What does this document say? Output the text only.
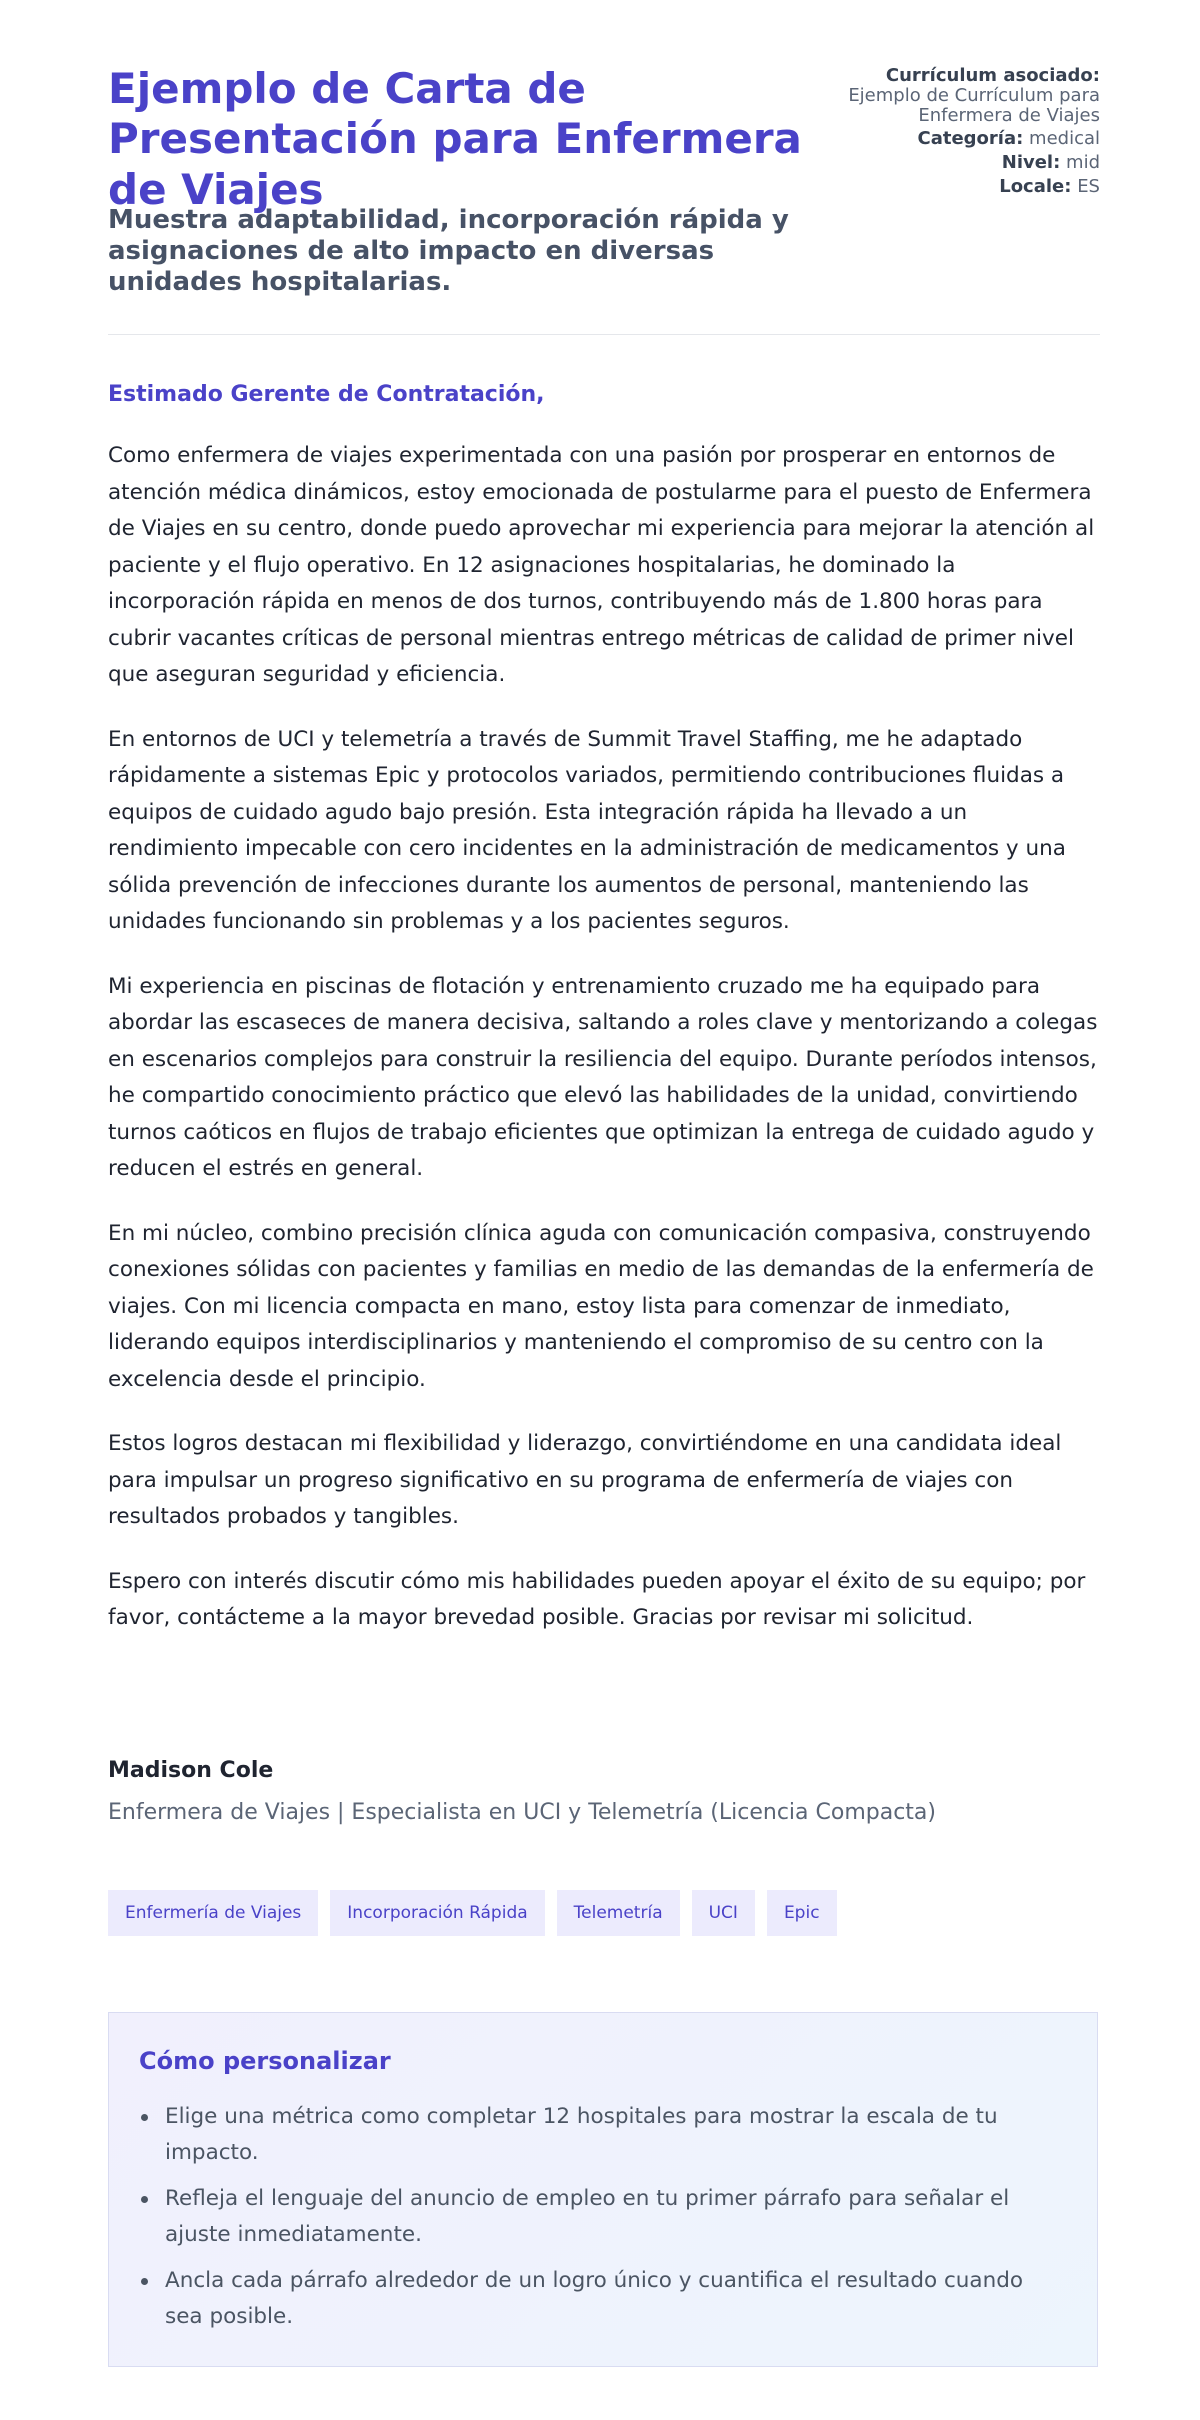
Ejemplo de Carta de Presentación para Enfermera de Viajes
Muestra adaptabilidad, incorporación rápida y asignaciones de alto impacto en diversas unidades hospitalarias.
Currículum asociado:
Ejemplo de Currículum para Enfermera de Viajes
Categoría: medical
Nivel: mid
Locale: ES

Estimado Gerente de Contratación,

Como enfermera de viajes experimentada con una pasión por prosperar en entornos de atención médica dinámicos, estoy emocionada de postularme para el puesto de Enfermera de Viajes en su centro, donde puedo aprovechar mi experiencia para mejorar la atención al paciente y el flujo operativo. En 12 asignaciones hospitalarias, he dominado la incorporación rápida en menos de dos turnos, contribuyendo más de 1.800 horas para cubrir vacantes críticas de personal mientras entrego métricas de calidad de primer nivel que aseguran seguridad y eficiencia.

En entornos de UCI y telemetría a través de Summit Travel Staffing, me he adaptado rápidamente a sistemas Epic y protocolos variados, permitiendo contribuciones fluidas a equipos de cuidado agudo bajo presión. Esta integración rápida ha llevado a un rendimiento impecable con cero incidentes en la administración de medicamentos y una sólida prevención de infecciones durante los aumentos de personal, manteniendo las unidades funcionando sin problemas y a los pacientes seguros.

Mi experiencia en piscinas de flotación y entrenamiento cruzado me ha equipado para abordar las escaseces de manera decisiva, saltando a roles clave y mentorizando a colegas en escenarios complejos para construir la resiliencia del equipo. Durante períodos intensos, he compartido conocimiento práctico que elevó las habilidades de la unidad, convirtiendo turnos caóticos en flujos de trabajo eficientes que optimizan la entrega de cuidado agudo y reducen el estrés en general.

En mi núcleo, combino precisión clínica aguda con comunicación compasiva, construyendo conexiones sólidas con pacientes y familias en medio de las demandas de la enfermería de viajes. Con mi licencia compacta en mano, estoy lista para comenzar de inmediato, liderando equipos interdisciplinarios y manteniendo el compromiso de su centro con la excelencia desde el principio.

Estos logros destacan mi flexibilidad y liderazgo, convirtiéndome en una candidata ideal para impulsar un progreso significativo en su programa de enfermería de viajes con resultados probados y tangibles.

Espero con interés discutir cómo mis habilidades pueden apoyar el éxito de su equipo; por favor, contácteme a la mayor brevedad posible. Gracias por revisar mi solicitud.

Madison Cole

Enfermera de Viajes | Especialista en UCI y Telemetría (Licencia Compacta)

Enfermería de Viajes	Incorporación Rápida	Telemetría	UCI	Epic
Cómo personalizar
Elige una métrica como completar 12 hospitales para mostrar la escala de tu impacto.
Refleja el lenguaje del anuncio de empleo en tu primer párrafo para señalar el ajuste inmediatamente.
Ancla cada párrafo alrededor de un logro único y cuantifica el resultado cuando sea posible.
